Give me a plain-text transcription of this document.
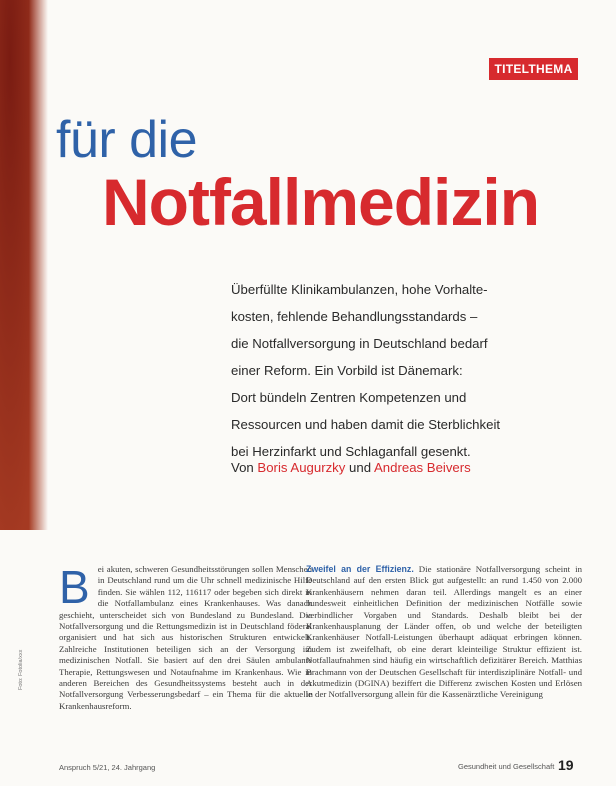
TITELTHEMA
für die
Notfallmedizin
Überfüllte Klinikambulanzen, hohe Vorhalte-
kosten, fehlende Behandlungsstandards –
die Notfallversorgung in Deutschland bedarf
einer Reform. Ein Vorbild ist Dänemark:
Dort bündeln Zentren Kompetenzen und
Ressourcen und haben damit die Sterblichkeit
bei Herzinfarkt und Schlaganfall gesenkt.
Von Boris Augurzky und Andreas Beivers
B ei akuten, schweren Gesundheitsstörungen sollen Menschen in Deutschland rund um die Uhr schnell medizinische Hilfe finden. Sie wählen 112, 116117 oder begeben sich direkt in die Notfallambulanz eines Krankenhauses. Was danach geschieht, unterscheidet sich von Bundesland zu Bundesland. Die Notfallversorgung und die Rettungsmedizin ist in Deutschland föderal organisiert und hat sich aus historischen Strukturen entwickelt. Zahlreiche Institutionen beteiligen sich an der Versorgung im medizinischen Notfall. Sie basiert auf den drei Säulen ambulante Therapie, Rettungswesen und Notaufnahme im Krankenhaus. Wie in anderen Bereichen des Gesundheitssystems besteht auch in der Notfallversorgung Verbesserungsbedarf – ein Thema für die aktuelle Krankenhausreform.
Zweifel an der Effizienz. Die stationäre Notfallversorgung scheint in Deutschland auf den ersten Blick gut aufgestellt: an rund 1.450 von 2.000 Krankenhäusern nehmen daran teil. Allerdings mangelt es an einer bundesweit einheitlichen Definition der medizinischen Notfälle sowie verbindlicher Vorgaben und Standards. Deshalb bleibt bei der Krankenhausplanung der Länder offen, ob und welche der beteiligten Krankenhäuser Notfall-Leistungen überhaupt adäquat erbringen können. Zudem ist zweifelhaft, ob eine derart kleinteilige Struktur effizient ist. Notfallaufnahmen sind häufig ein wirtschaftlich defizitärer Bereich. Matthias Brachmann von der Deutschen Gesellschaft für interdisziplinäre Notfall- und Akutmedizin (DGINA) beziffert die Differenz zwischen Kosten und Erlösen in der Notfallversorgung allein für die Kassenärztliche Vereinigung
Foto: Fotolia/xxx
Anspruch 5/21, 24. Jahrgang	Gesundheit und Gesellschaft 19
